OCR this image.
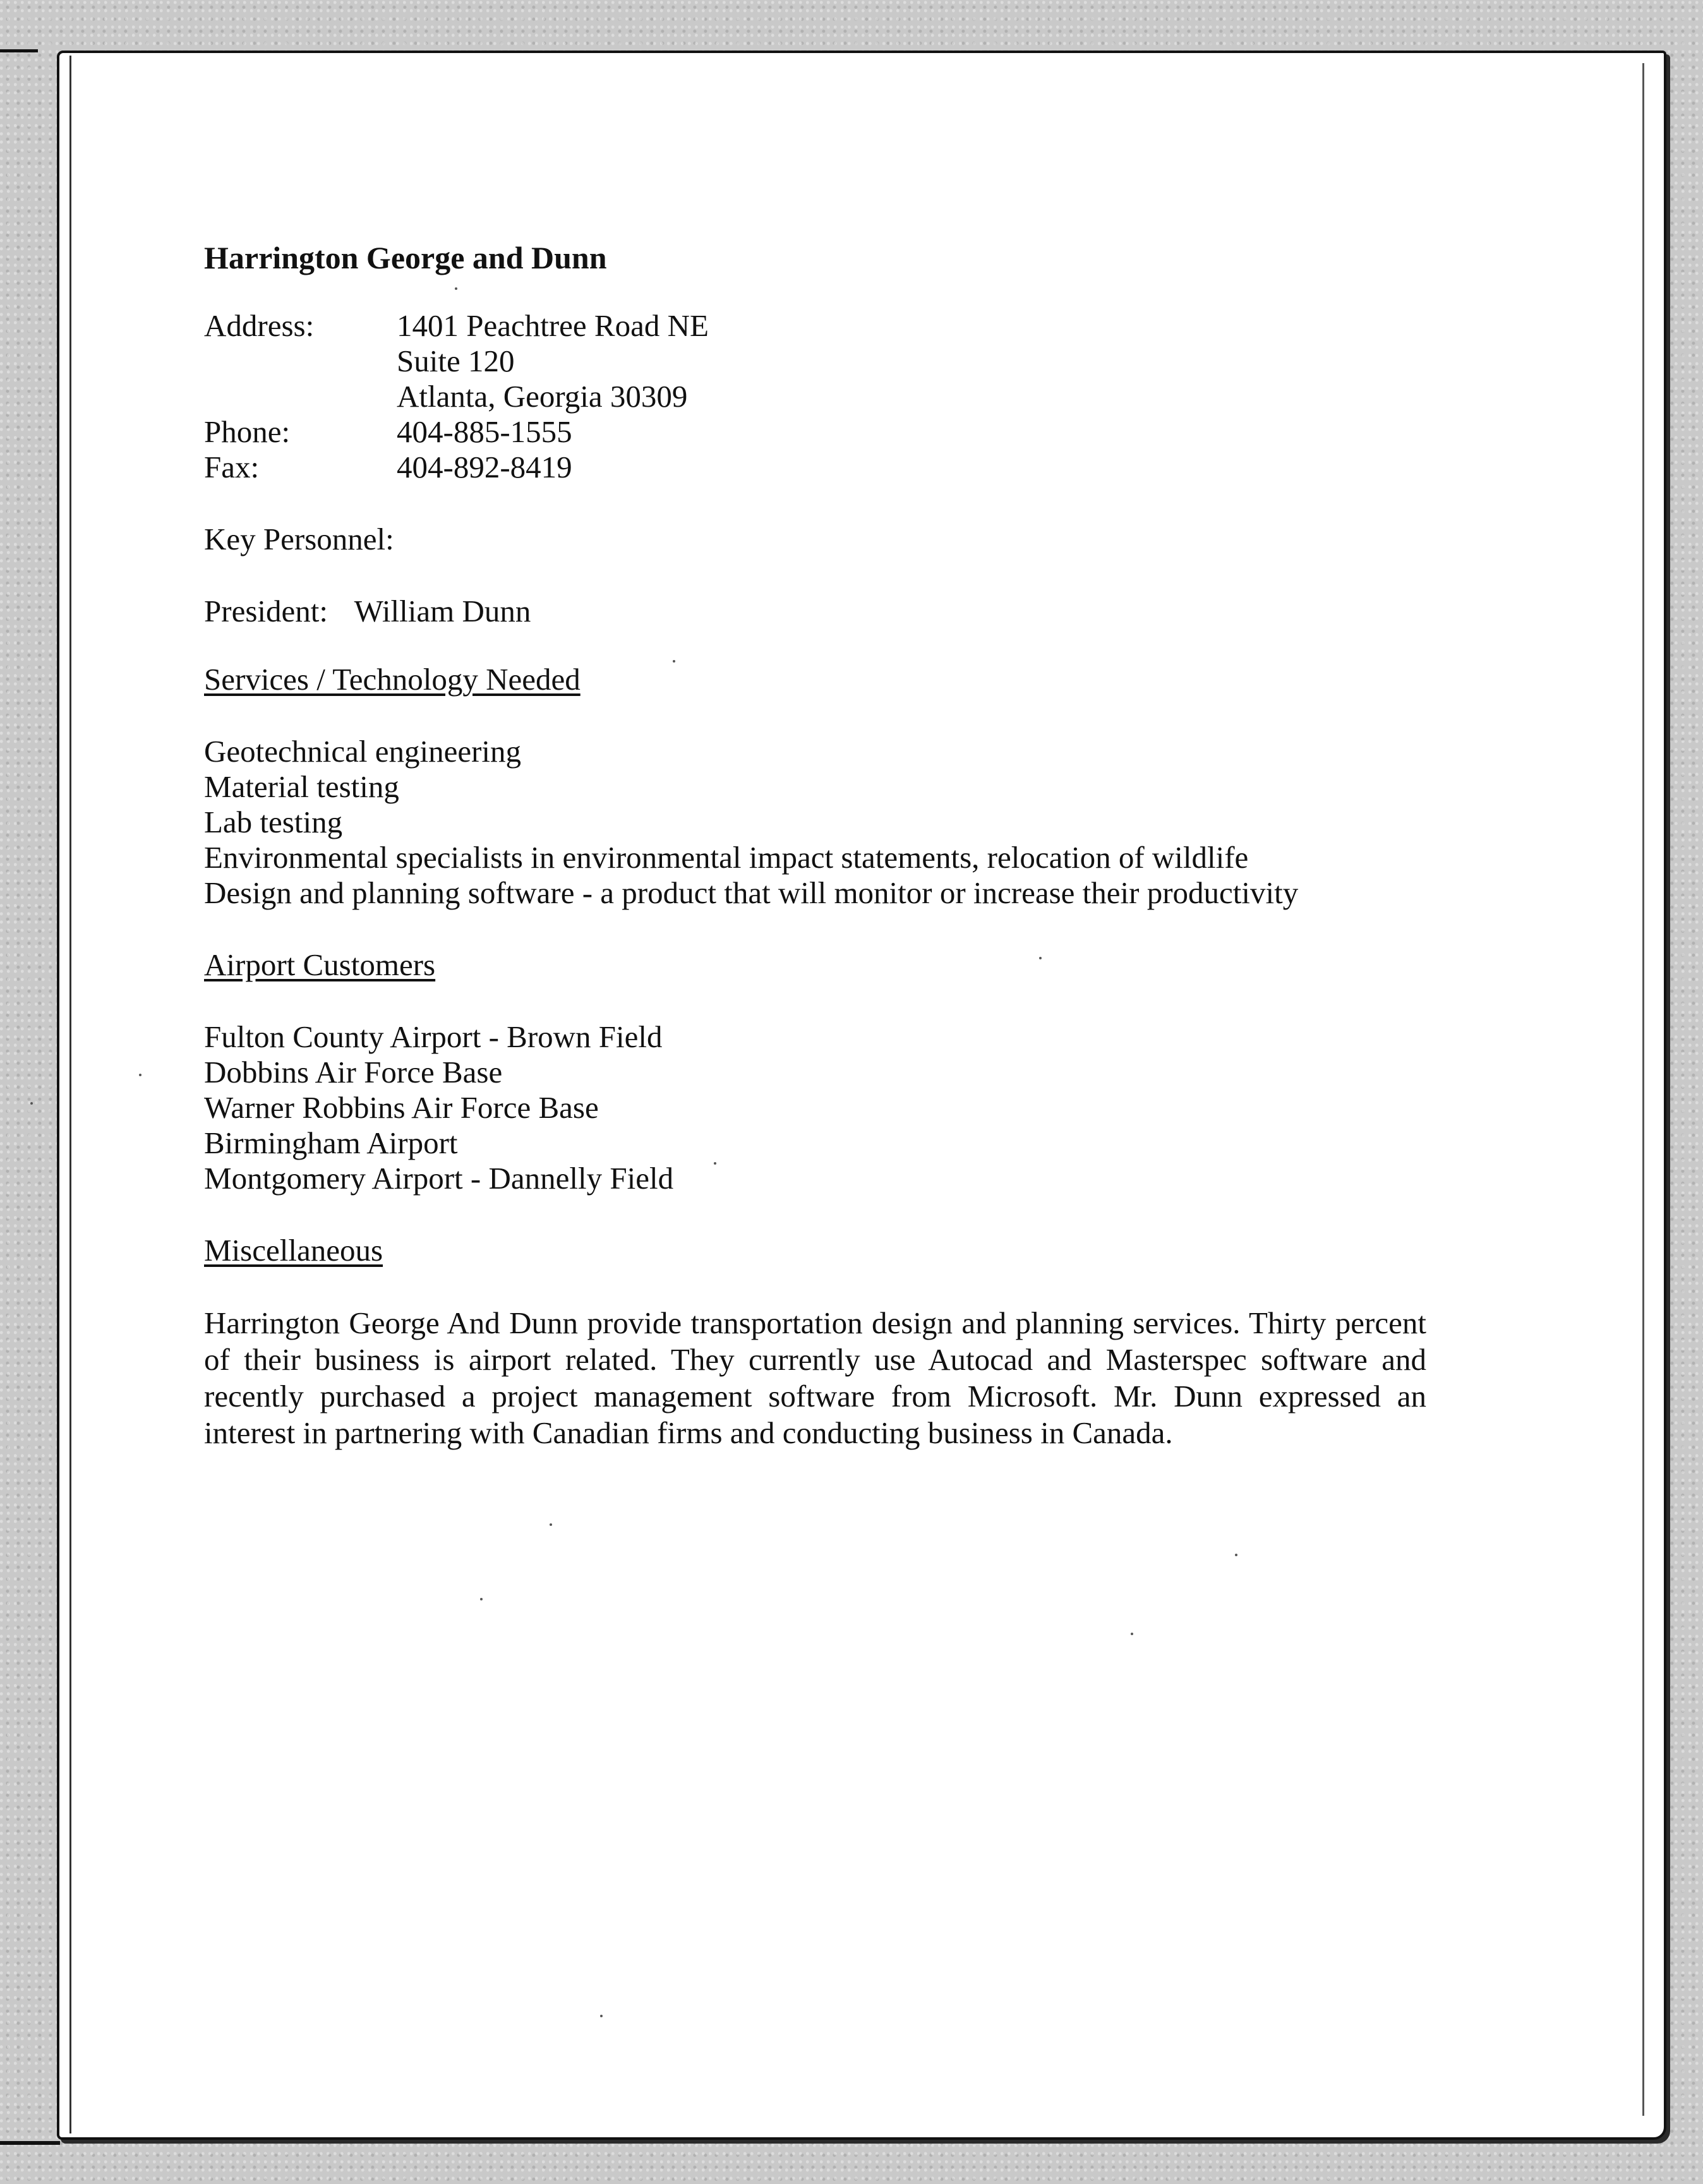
Harrington George and Dunn
Address:	1401 Peachtree Road NE
Suite 120
Atlanta, Georgia 30309
Phone:	404-885-1555
Fax:	404-892-8419
Key Personnel:
President: William Dunn
Services / Technology Needed
Geotechnical engineering
Material testing
Lab testing
Environmental specialists in environmental impact statements, relocation of wildlife
Design and planning software - a product that will monitor or increase their productivity
Airport Customers
Fulton County Airport - Brown Field
Dobbins Air Force Base
Warner Robbins Air Force Base
Birmingham Airport
Montgomery Airport - Dannelly Field
Miscellaneous
Harrington George And Dunn provide transportation design and planning services. Thirty percent of their business is airport related. They currently use Autocad and Masterspec software and recently purchased a project management software from Microsoft. Mr. Dunn expressed an interest in partnering with Canadian firms and conducting business in Canada.
